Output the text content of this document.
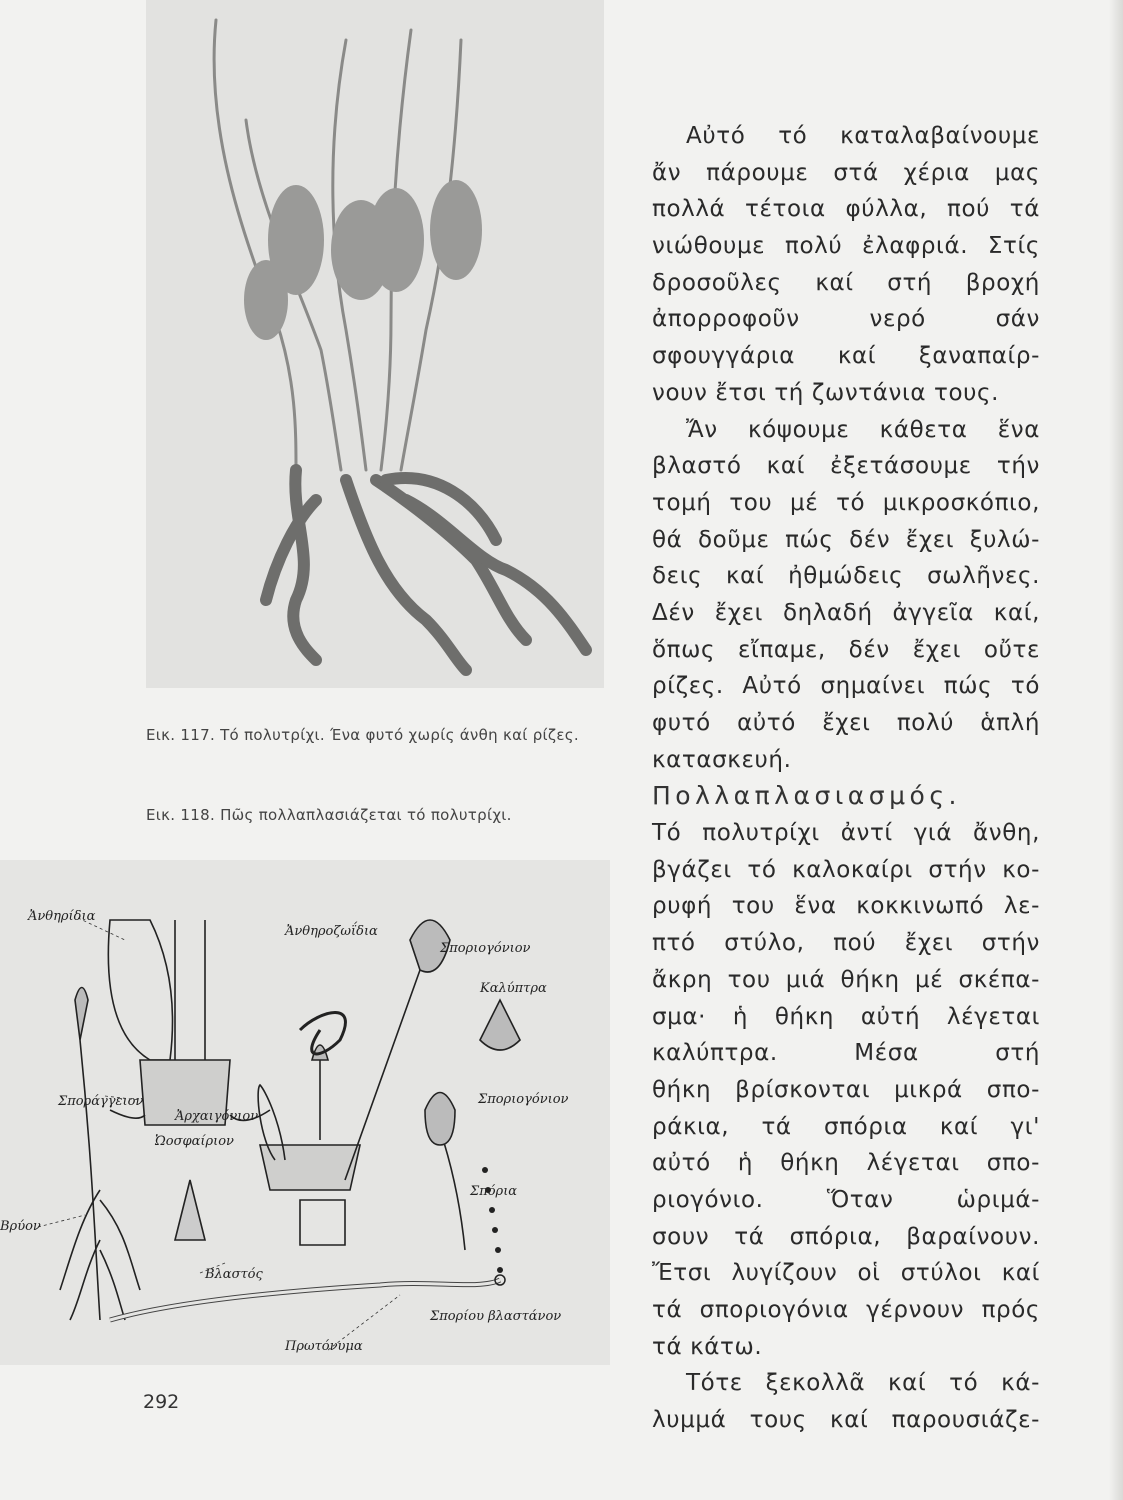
Εικ. 117. Τό πολυτρίχι. Ένα φυτό χωρίς άνθη καί ρίζες.
Εικ. 118. Πῶς πολλαπλασιάζεται τό πολυτρίχι.
Ἀνθηρίδια
Ἀνθηροζωΐδια
Σποριογόνιον
Καλύπτρα
Σποριογόνιον
Σποράγγειον
Ἀρχαιγόνιον
Ὠοσφαίριον
Σπόρια
Βρύον
Βλαστός
Πρωτόνυμα
Σπορίου βλαστάνον
292
Αὐτό τό καταλαβαίνουμε
ἄν πάρουμε στά χέρια μας
πολλά τέτοια φύλλα, πού τά
νιώθουμε πολύ ἐλαφριά. Στίς
δροσοῦλες καί στή βροχή
ἀπορροφοῦν νερό σάν
σφουγγάρια καί ξαναπαίρ-
νουν ἔτσι τή ζωντάνια τους.
Ἄν κόψουμε κάθετα ἕνα
βλαστό καί ἐξετάσουμε τήν
τομή του μέ τό μικροσκόπιο,
θά δοῦμε πώς δέν ἔχει ξυλώ-
δεις καί ἠθμώδεις σωλῆνες.
Δέν ἔχει δηλαδή ἀγγεῖα καί,
ὅπως εἴπαμε, δέν ἔχει οὔτε
ρίζες. Αὐτό σημαίνει πώς τό
φυτό αὐτό ἔχει πολύ ἁπλή
κατασκευή.
Πολλαπλασιασμός.
Τό πολυτρίχι ἀντί γιά ἄνθη,
βγάζει τό καλοκαίρι στήν κο-
ρυφή του ἕνα κοκκινωπό λε-
πτό στύλο, πού ἔχει στήν
ἄκρη του μιά θήκη μέ σκέπα-
σμα· ἡ θήκη αὐτή λέγεται
καλύπτρα. Μέσα στή
θήκη βρίσκονται μικρά σπο-
ράκια, τά σπόρια καί γι'
αὐτό ἡ θήκη λέγεται σπο-
ριογόνιο. Ὅταν ὡριμά-
σουν τά σπόρια, βαραίνουν.
Ἔτσι λυγίζουν οἱ στύλοι καί
τά σποριογόνια γέρνουν πρός
τά κάτω.
Τότε ξεκολλᾶ καί τό κά-
λυμμά τους καί παρουσιάζε-
